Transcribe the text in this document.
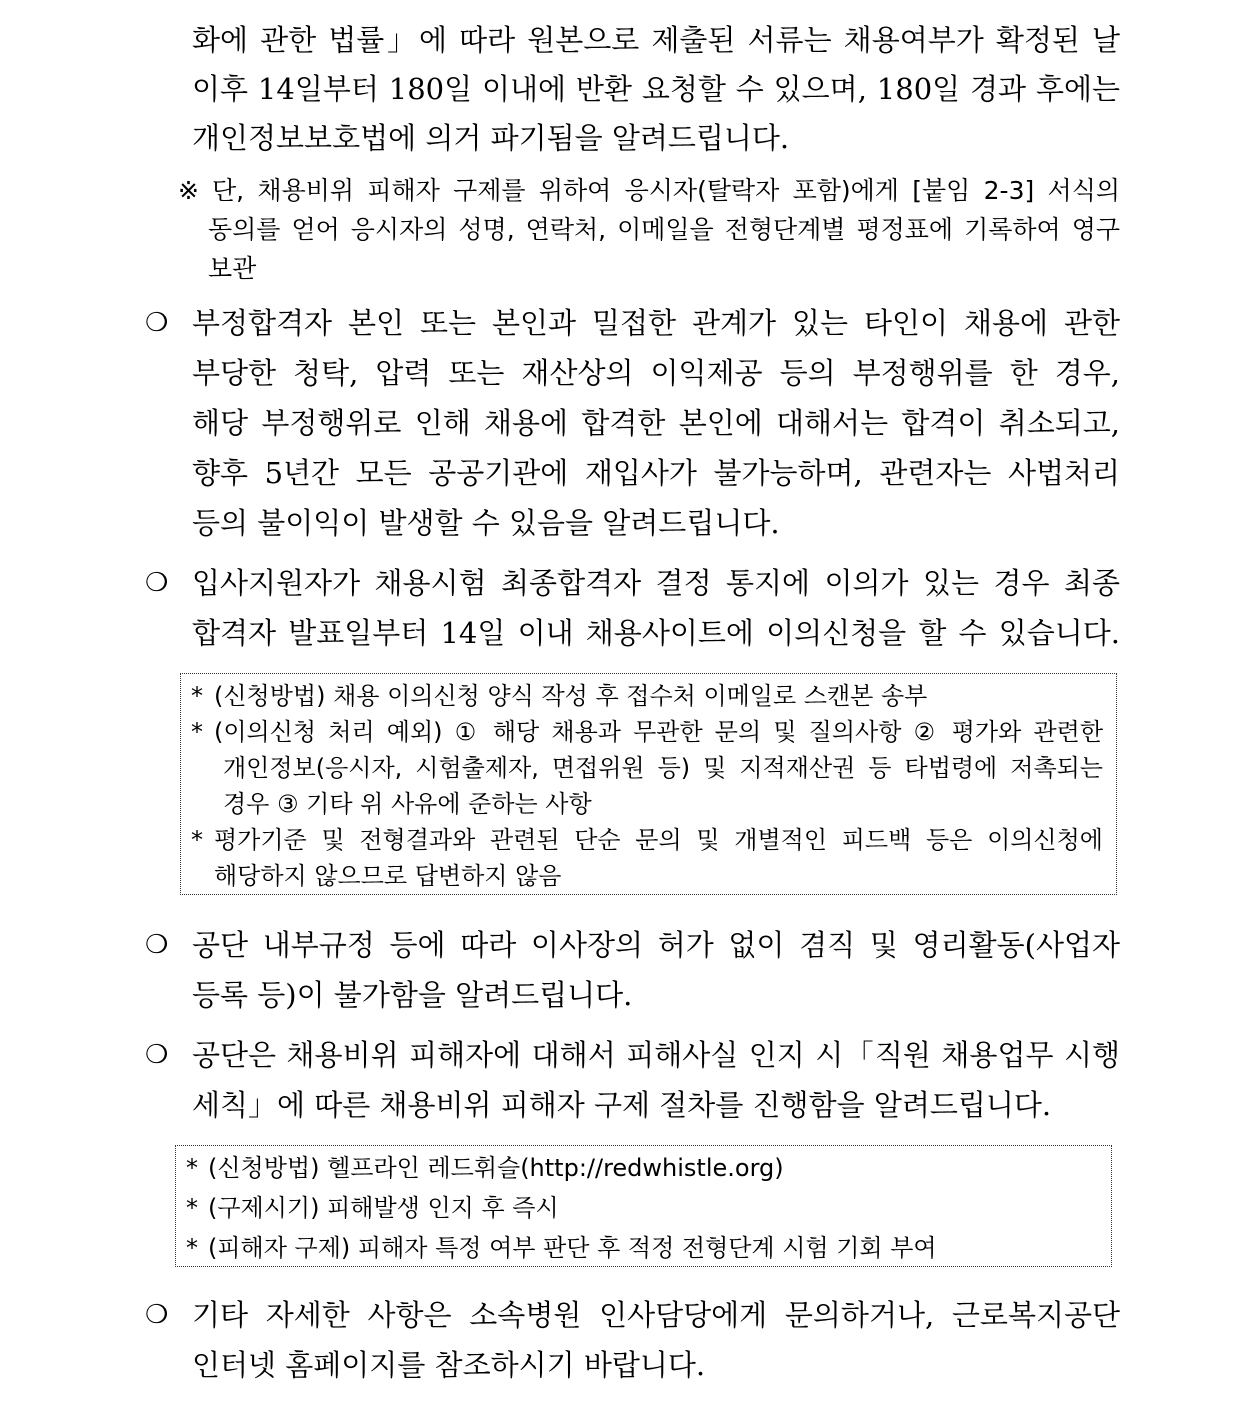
화에 관한 법률」에 따라 원본으로 제출된 서류는 채용여부가 확정된 날
이후 14일부터 180일 이내에 반환 요청할 수 있으며, 180일 경과 후에는
개인정보보호법에 의거 파기됨을 알려드립니다.
※ 단, 채용비위 피해자 구제를 위하여 응시자(탈락자 포함)에게 [붙임 2-3] 서식의
동의를 얻어 응시자의 성명, 연락처, 이메일을 전형단계별 평정표에 기록하여 영구
보관
❍ 부정합격자 본인 또는 본인과 밀접한 관계가 있는 타인이 채용에 관한
부당한 청탁, 압력 또는 재산상의 이익제공 등의 부정행위를 한 경우,
해당 부정행위로 인해 채용에 합격한 본인에 대해서는 합격이 취소되고,
향후 5년간 모든 공공기관에 재입사가 불가능하며, 관련자는 사법처리
등의 불이익이 발생할 수 있음을 알려드립니다.
❍ 입사지원자가 채용시험 최종합격자 결정 통지에 이의가 있는 경우 최종
합격자 발표일부터 14일 이내 채용사이트에 이의신청을 할 수 있습니다.
* (신청방법) 채용 이의신청 양식 작성 후 접수처 이메일로 스캔본 송부
* (이의신청 처리 예외) ① 해당 채용과 무관한 문의 및 질의사항 ② 평가와 관련한
개인정보(응시자, 시험출제자, 면접위원 등) 및 지적재산권 등 타법령에 저촉되는
경우 ③ 기타 위 사유에 준하는 사항
* 평가기준 및 전형결과와 관련된 단순 문의 및 개별적인 피드백 등은 이의신청에
해당하지 않으므로 답변하지 않음
❍ 공단 내부규정 등에 따라 이사장의 허가 없이 겸직 및 영리활동(사업자
등록 등)이 불가함을 알려드립니다.
❍ 공단은 채용비위 피해자에 대해서 피해사실 인지 시「직원 채용업무 시행
세칙」에 따른 채용비위 피해자 구제 절차를 진행함을 알려드립니다.
* (신청방법) 헬프라인 레드휘슬(http://redwhistle.org)
* (구제시기) 피해발생 인지 후 즉시
* (피해자 구제) 피해자 특정 여부 판단 후 적정 전형단계 시험 기회 부여
❍ 기타 자세한 사항은 소속병원 인사담당에게 문의하거나, 근로복지공단
인터넷 홈페이지를 참조하시기 바랍니다.
